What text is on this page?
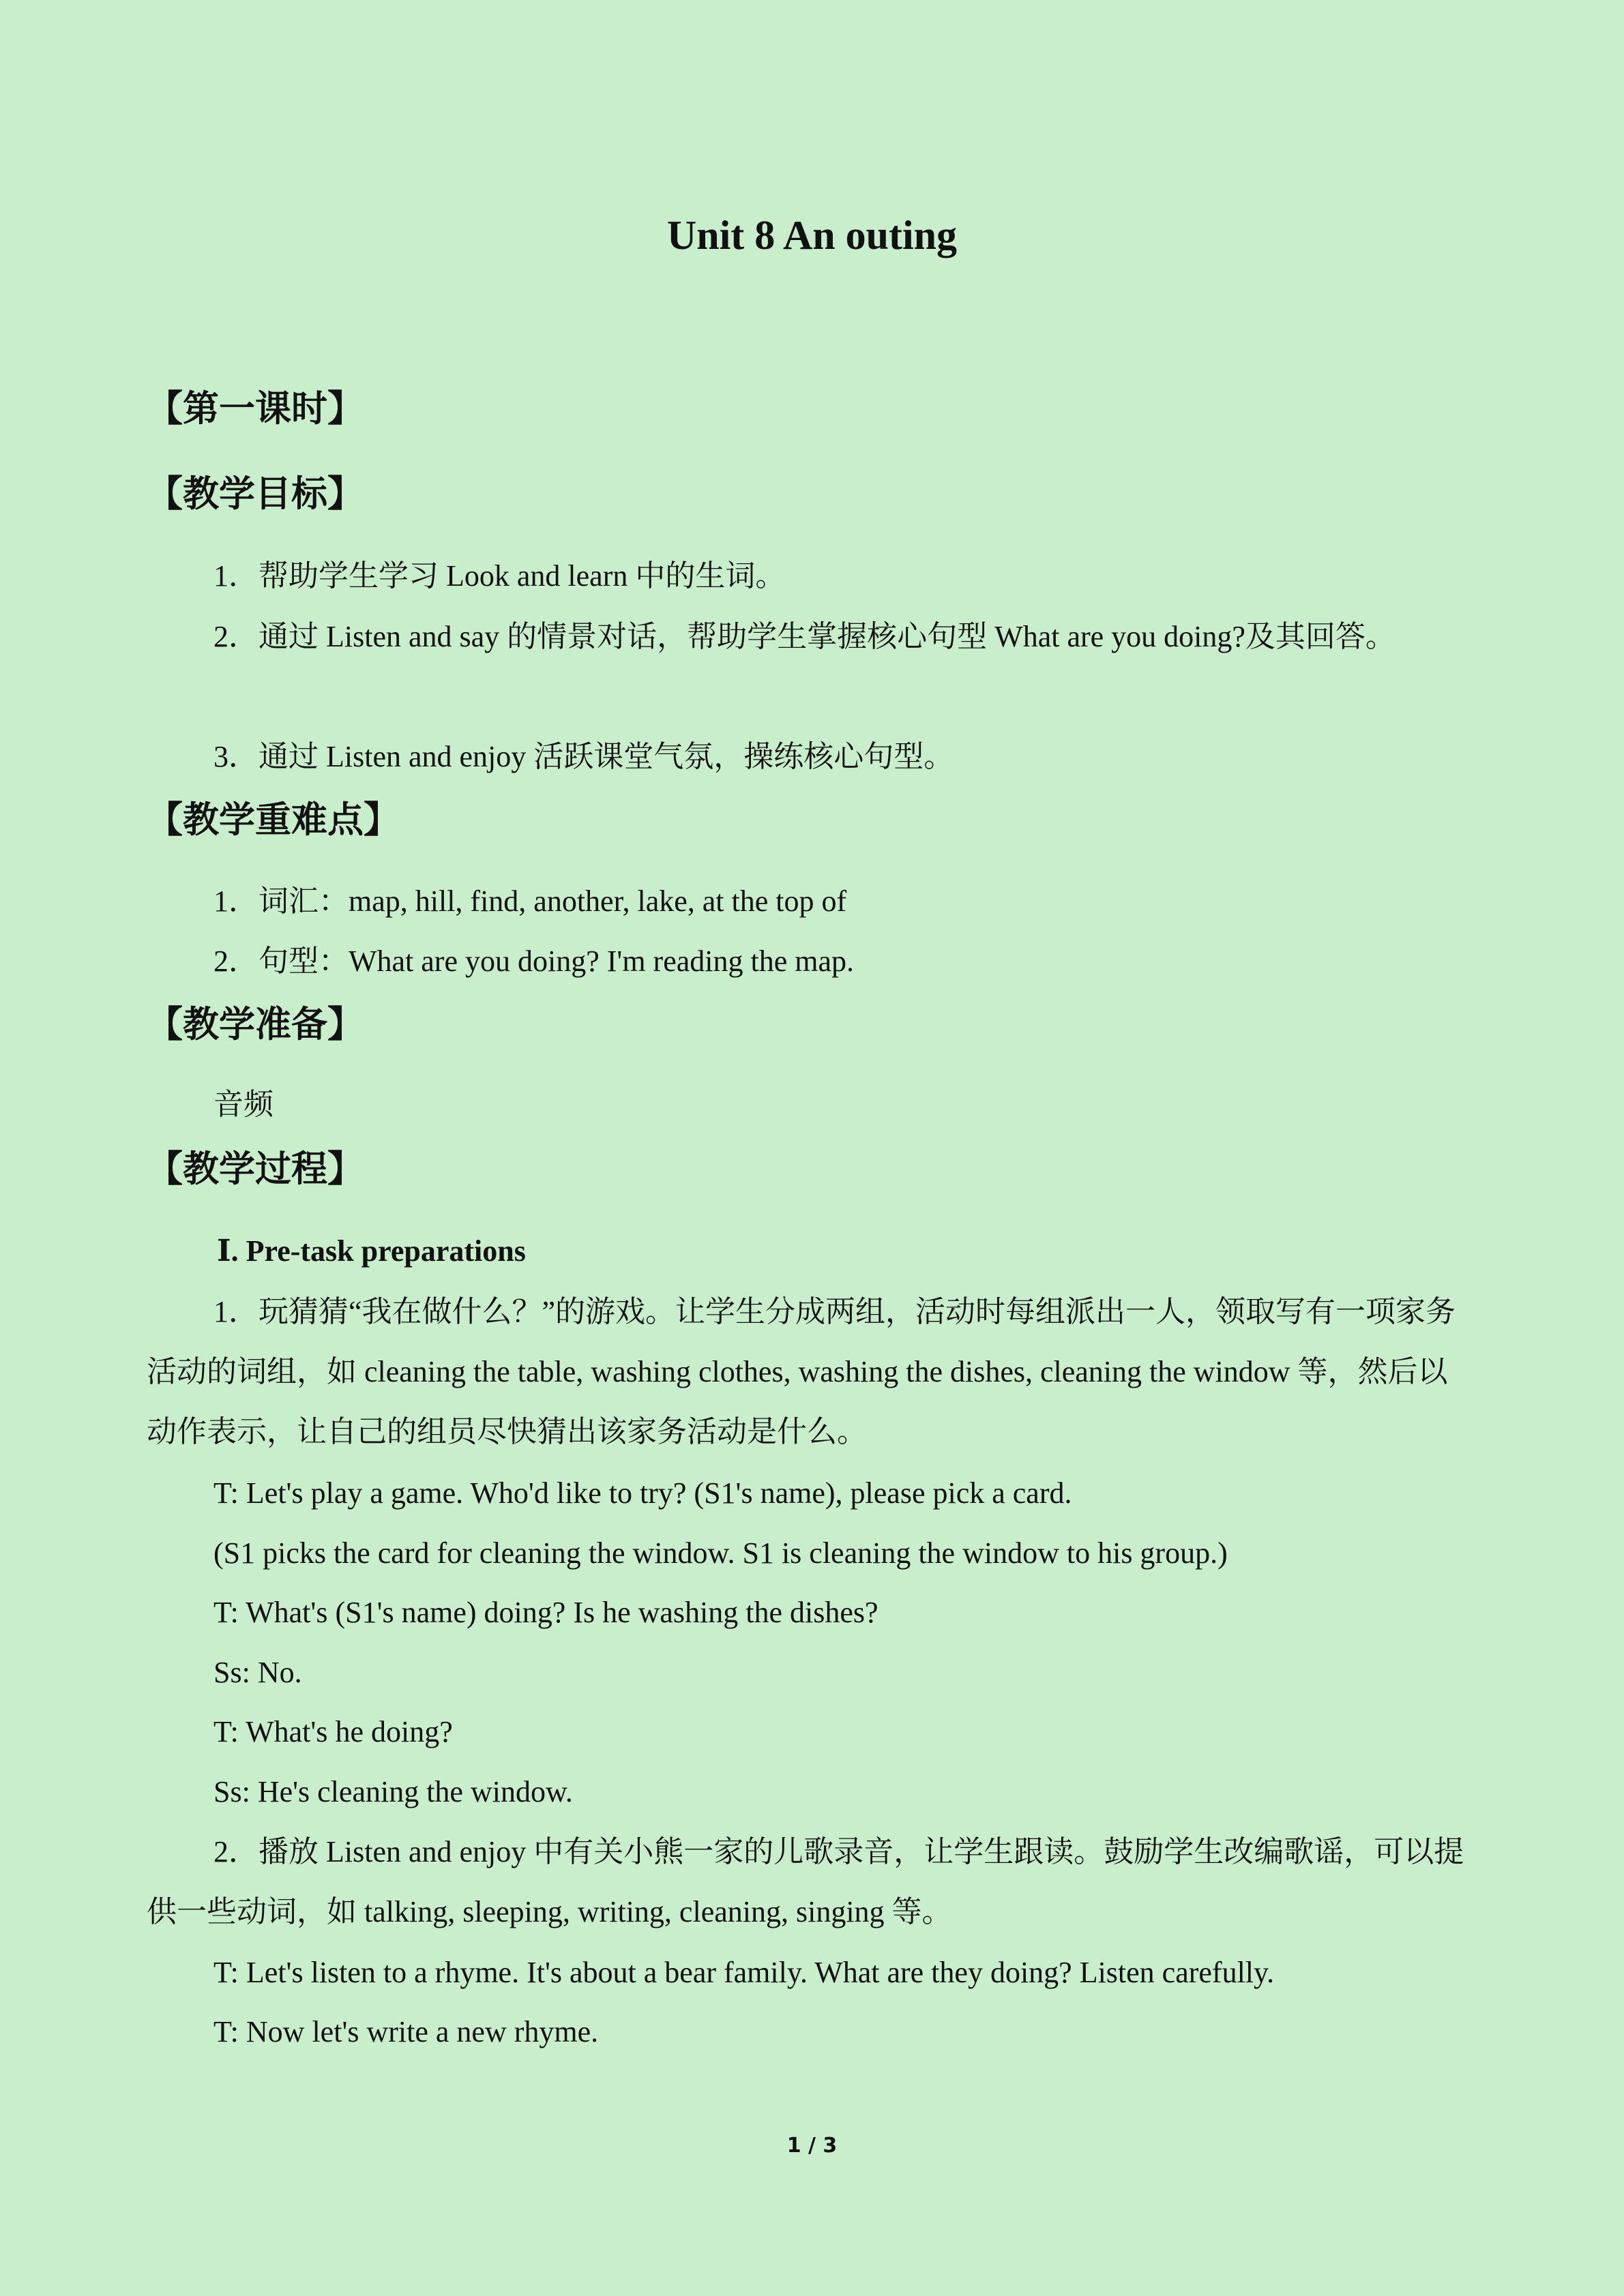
Unit 8 An outing
【第一课时】
【教学目标】
1．帮助学生学习 Look and learn 中的生词。
2．通过 Listen and say 的情景对话，帮助学生掌握核心句型 What are you doing?及其回答。
3．通过 Listen and enjoy 活跃课堂气氛，操练核心句型。
【教学重难点】
1．词汇：map, hill, find, another, lake, at the top of
2．句型：What are you doing? I'm reading the map.
【教学准备】
音频
【教学过程】
Ⅰ. Pre-task preparations
1．玩猜猜“我在做什么？”的游戏。让学生分成两组，活动时每组派出一人，领取写有一项家务活动的词组，如 cleaning the table, washing clothes, washing the dishes, cleaning the window 等，然后以动作表示，让自己的组员尽快猜出该家务活动是什么。
T: Let's play a game. Who'd like to try? (S1's name), please pick a card.
(S1 picks the card for cleaning the window. S1 is cleaning the window to his group.)
T: What's (S1's name) doing? Is he washing the dishes?
Ss: No.
T: What's he doing?
Ss: He's cleaning the window.
2．播放 Listen and enjoy 中有关小熊一家的儿歌录音，让学生跟读。鼓励学生改编歌谣，可以提供一些动词，如 talking, sleeping, writing, cleaning, singing 等。
T: Let's listen to a rhyme. It's about a bear family. What are they doing? Listen carefully.
T: Now let's write a new rhyme.
1 / 3
